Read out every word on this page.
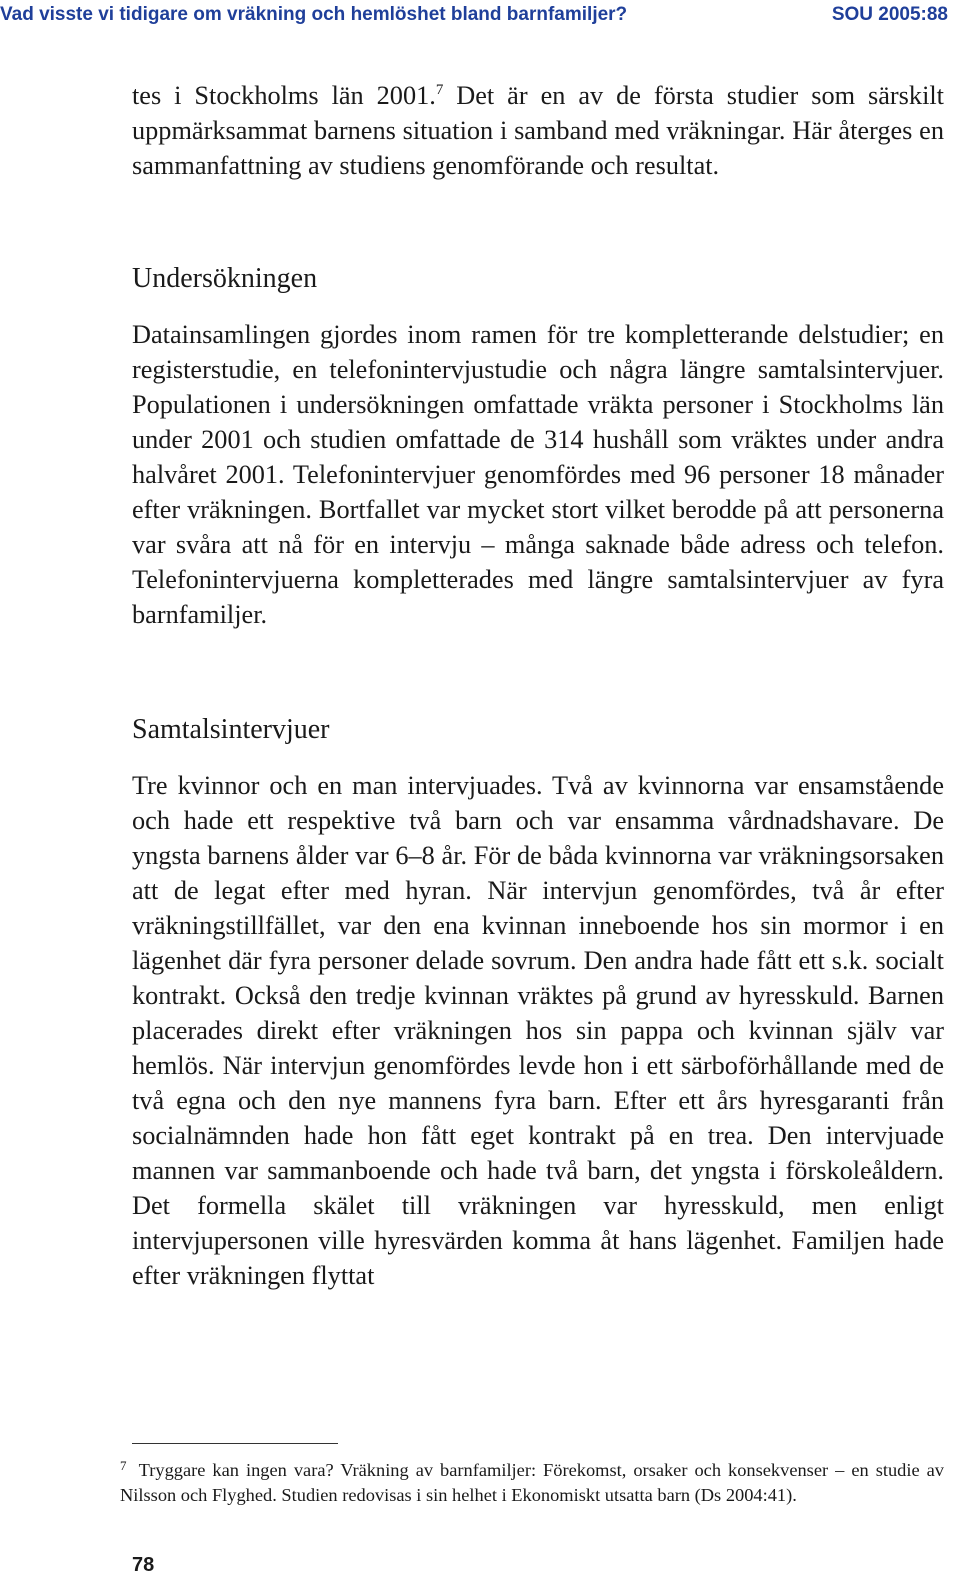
Vad visste vi tidigare om vräkning och hemlöshet bland barnfamiljer?	SOU 2005:88

tes i Stockholms län 2001.$^7$ Det är en av de första studier som särskilt uppmärksammat barnens situation i samband med vräkningar. Här återges en sammanfattning av studiens genomförande och resultat.

Undersökningen

Datainsamlingen gjordes inom ramen för tre kompletterande delstudier; en registerstudie, en telefonintervjustudie och några längre samtalsintervjuer. Populationen i undersökningen omfattade vräkta personer i Stockholms län under 2001 och studien omfattade de 314 hushåll som vräktes under andra halvåret 2001. Telefonintervjuer genomfördes med 96 personer 18 månader efter vräkningen. Bortfallet var mycket stort vilket berodde på att personerna var svåra att nå för en intervju – många saknade både adress och telefon. Telefonintervjuerna kompletterades med längre samtalsintervjuer av fyra barnfamiljer.

Samtalsintervjuer

Tre kvinnor och en man intervjuades. Två av kvinnorna var ensamstående och hade ett respektive två barn och var ensamma vårdnadshavare. De yngsta barnens ålder var 6–8 år. För de båda kvinnorna var vräkningsorsaken att de legat efter med hyran. När intervjun genomfördes, två år efter vräkningstillfället, var den ena kvinnan inneboende hos sin mormor i en lägenhet där fyra personer delade sovrum. Den andra hade fått ett s.k. socialt kontrakt. Också den tredje kvinnan vräktes på grund av hyresskuld. Barnen placerades direkt efter vräkningen hos sin pappa och kvinnan själv var hemlös. När intervjun genomfördes levde hon i ett särboförhållande med de två egna och den nye mannens fyra barn. Efter ett års hyresgaranti från socialnämnden hade hon fått eget kontrakt på en trea. Den intervjuade mannen var sammanboende och hade två barn, det yngsta i förskoleåldern. Det formella skälet till vräkningen var hyresskuld, men enligt intervjupersonen ville hyresvärden komma åt hans lägenhet. Familjen hade efter vräkningen flyttat

7 Tryggare kan ingen vara? Vräkning av barnfamiljer: Förekomst, orsaker och konsekvenser – en studie av Nilsson och Flyghed. Studien redovisas i sin helhet i Ekonomiskt utsatta barn (Ds 2004:41).
78
